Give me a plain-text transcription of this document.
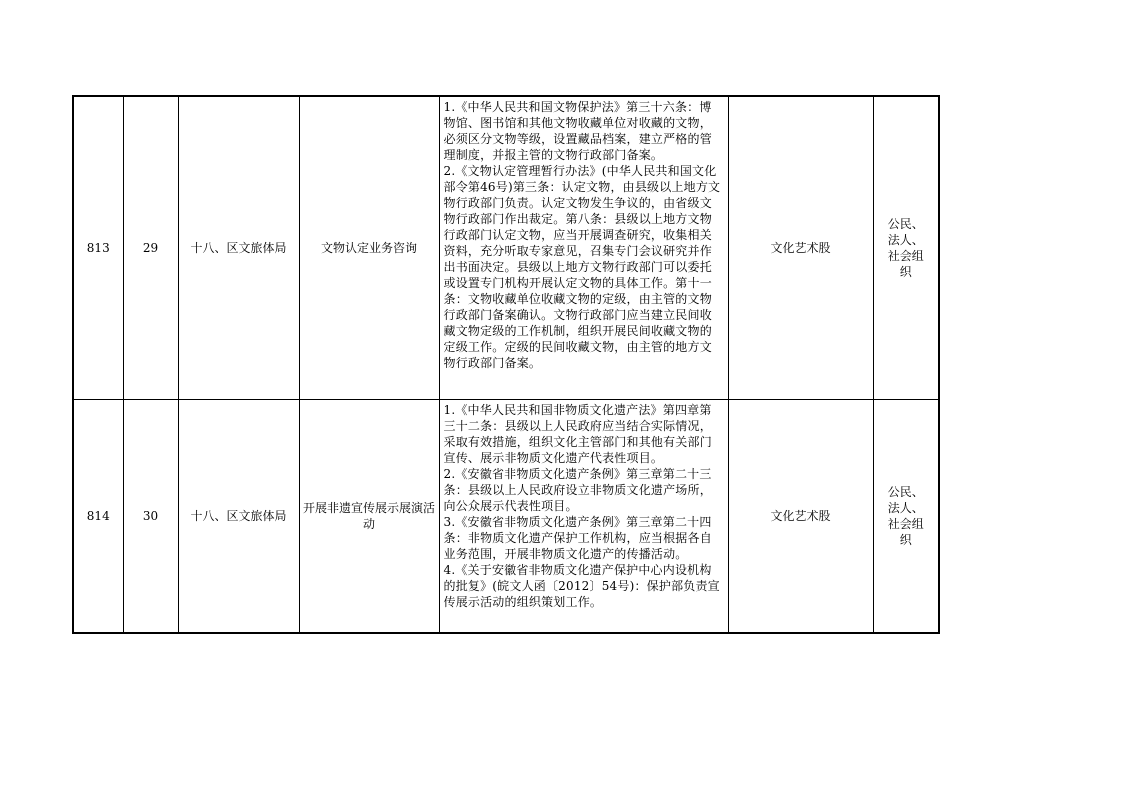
813	29	十八、区文旅体局	文物认定业务咨询	1.《中华人民共和国文物保护法》第三十六条：博物馆、图书馆和其他文物收藏单位对收藏的文物，必须区分文物等级，设置藏品档案，建立严格的管理制度，并报主管的文物行政部门备案。

2.《文物认定管理暂行办法》(中华人民共和国文化部令第46号)第三条：认定文物，由县级以上地方文物行政部门负责。认定文物发生争议的，由省级文物行政部门作出裁定。第八条：县级以上地方文物行政部门认定文物，应当开展调查研究，收集相关资料，充分听取专家意见，召集专门会议研究并作出书面决定。县级以上地方文物行政部门可以委托或设置专门机构开展认定文物的具体工作。第十一条：文物收藏单位收藏文物的定级，由主管的文物行政部门备案确认。文物行政部门应当建立民间收藏文物定级的工作机制，组织开展民间收藏文物的定级工作。定级的民间收藏文物，由主管的地方文物行政部门备案。	文化艺术股	公民、法人、社会组织
814	30	十八、区文旅体局	开展非遗宣传展示展演活动	1.《中华人民共和国非物质文化遗产法》第四章第三十二条：县级以上人民政府应当结合实际情况，采取有效措施，组织文化主管部门和其他有关部门宣传、展示非物质文化遗产代表性项目。

2.《安徽省非物质文化遗产条例》第三章第二十三条：县级以上人民政府设立非物质文化遗产场所，向公众展示代表性项目。

3.《安徽省非物质文化遗产条例》第三章第二十四条：非物质文化遗产保护工作机构，应当根据各自业务范围，开展非物质文化遗产的传播活动。

4.《关于安徽省非物质文化遗产保护中心内设机构的批复》(皖文人函〔2012〕54号)：保护部负责宣传展示活动的组织策划工作。	文化艺术股	公民、法人、社会组织
